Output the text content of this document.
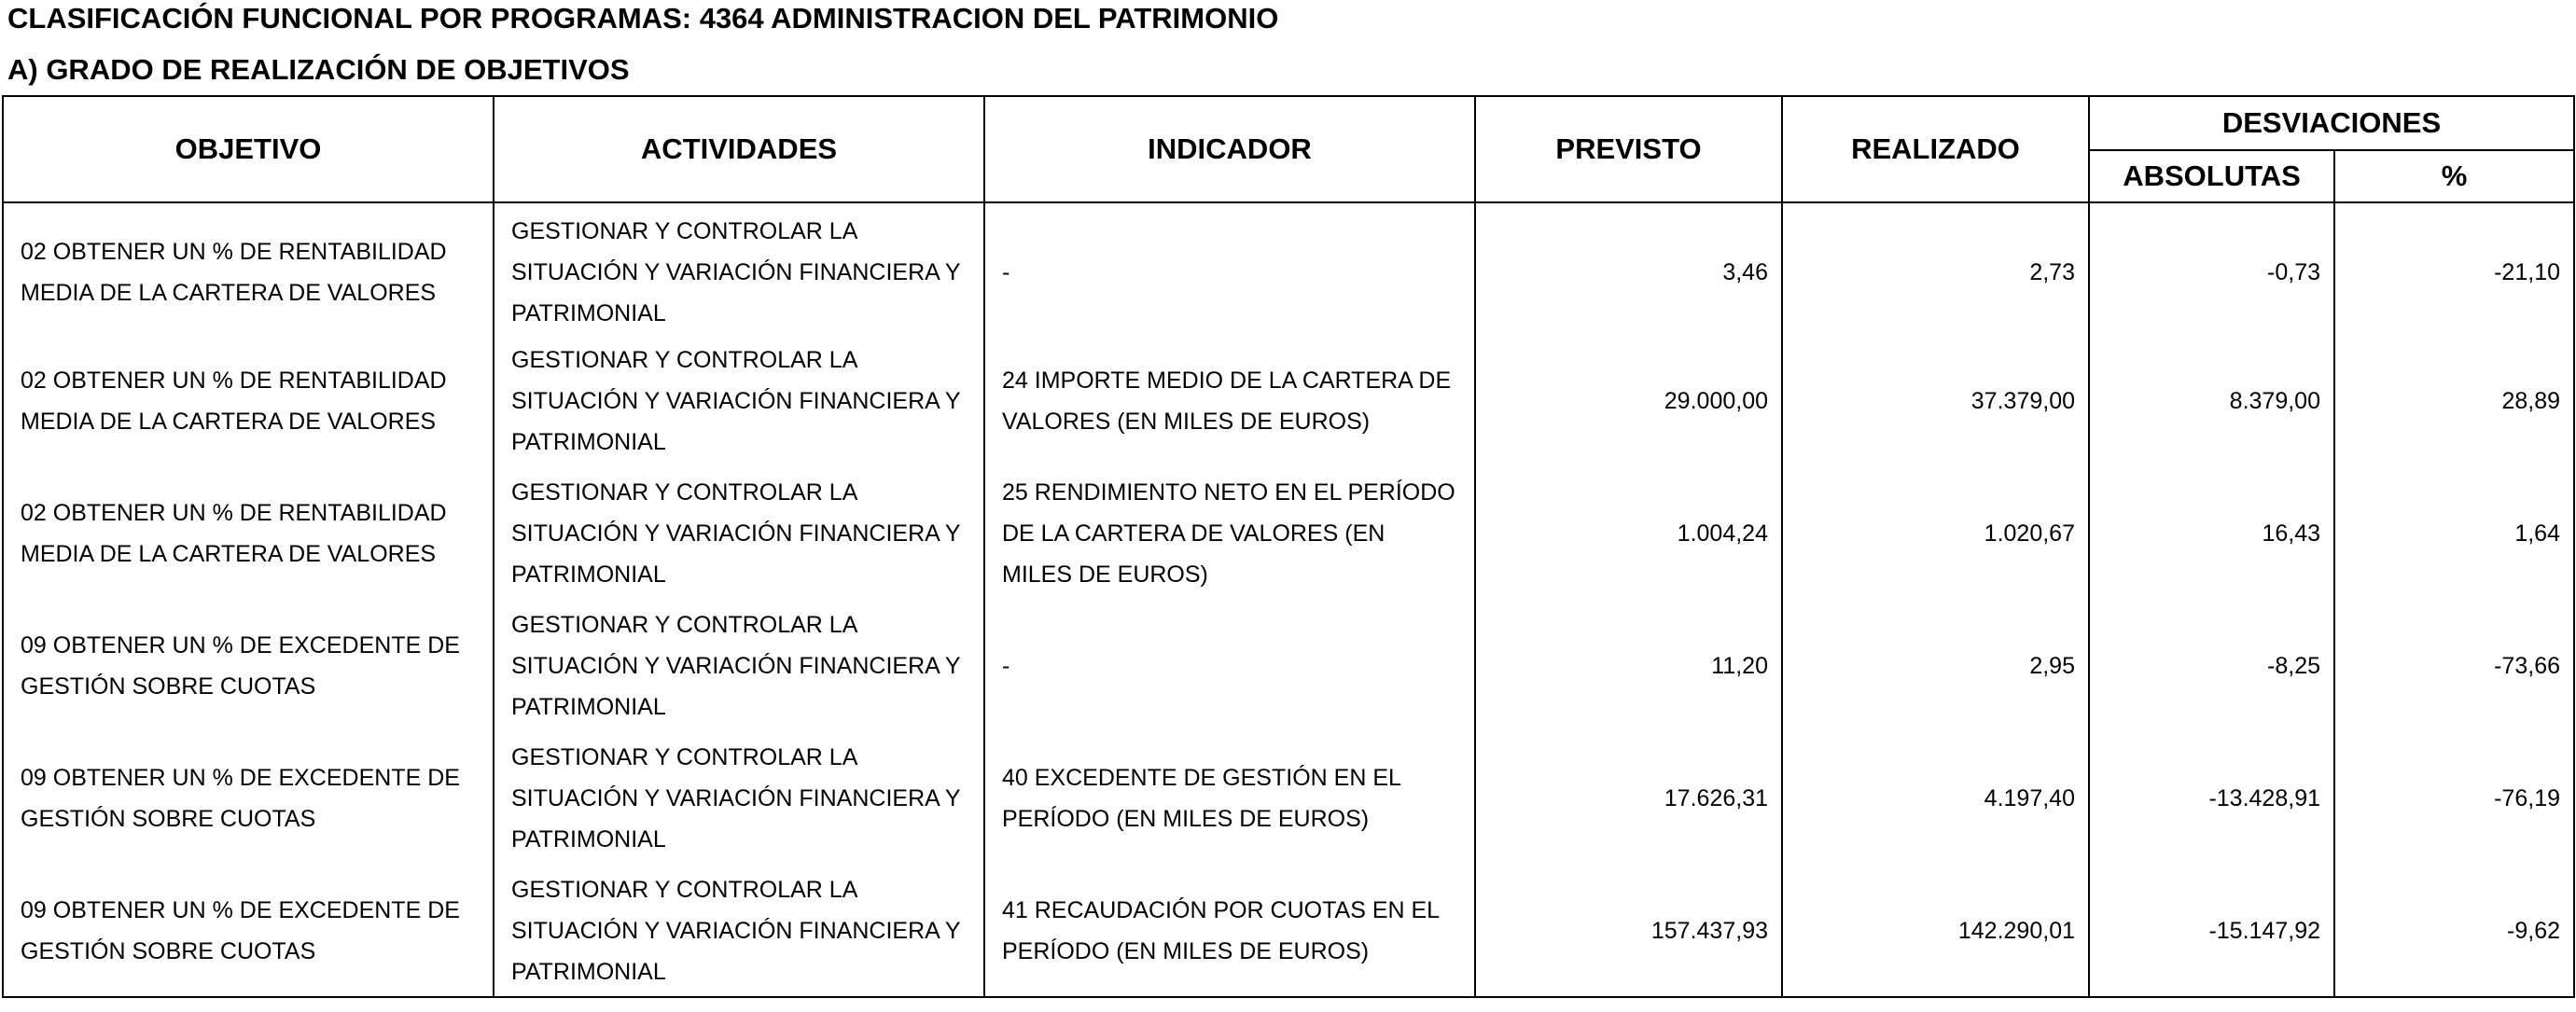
CLASIFICACIÓN FUNCIONAL POR PROGRAMAS: 4364 ADMINISTRACION DEL PATRIMONIO
A) GRADO DE REALIZACIÓN DE OBJETIVOS
OBJETIVO	ACTIVIDADES	INDICADOR	PREVISTO	REALIZADO	DESVIACIONES	
					ABSOLUTAS	%
02 OBTENER UN % DE RENTABILIDAD MEDIA DE LA CARTERA DE VALORES	GESTIONAR Y CONTROLAR LA SITUACIÓN Y VARIACIÓN FINANCIERA Y PATRIMONIAL	-	3,46	2,73	-0,73	-21,10
02 OBTENER UN % DE RENTABILIDAD MEDIA DE LA CARTERA DE VALORES	GESTIONAR Y CONTROLAR LA SITUACIÓN Y VARIACIÓN FINANCIERA Y PATRIMONIAL	24 IMPORTE MEDIO DE LA CARTERA DE VALORES (EN MILES DE EUROS)	29.000,00	37.379,00	8.379,00	28,89
02 OBTENER UN % DE RENTABILIDAD MEDIA DE LA CARTERA DE VALORES	GESTIONAR Y CONTROLAR LA SITUACIÓN Y VARIACIÓN FINANCIERA Y PATRIMONIAL	25 RENDIMIENTO NETO EN EL PERÍODO DE LA CARTERA DE VALORES (EN MILES DE EUROS)	1.004,24	1.020,67	16,43	1,64
09 OBTENER UN % DE EXCEDENTE DE GESTIÓN SOBRE CUOTAS	GESTIONAR Y CONTROLAR LA SITUACIÓN Y VARIACIÓN FINANCIERA Y PATRIMONIAL	-	11,20	2,95	-8,25	-73,66
09 OBTENER UN % DE EXCEDENTE DE GESTIÓN SOBRE CUOTAS	GESTIONAR Y CONTROLAR LA SITUACIÓN Y VARIACIÓN FINANCIERA Y PATRIMONIAL	40 EXCEDENTE DE GESTIÓN EN EL PERÍODO (EN MILES DE EUROS)	17.626,31	4.197,40	-13.428,91	-76,19
09 OBTENER UN % DE EXCEDENTE DE GESTIÓN SOBRE CUOTAS	GESTIONAR Y CONTROLAR LA SITUACIÓN Y VARIACIÓN FINANCIERA Y PATRIMONIAL	41 RECAUDACIÓN POR CUOTAS EN EL PERÍODO (EN MILES DE EUROS)	157.437,93	142.290,01	-15.147,92	-9,62
